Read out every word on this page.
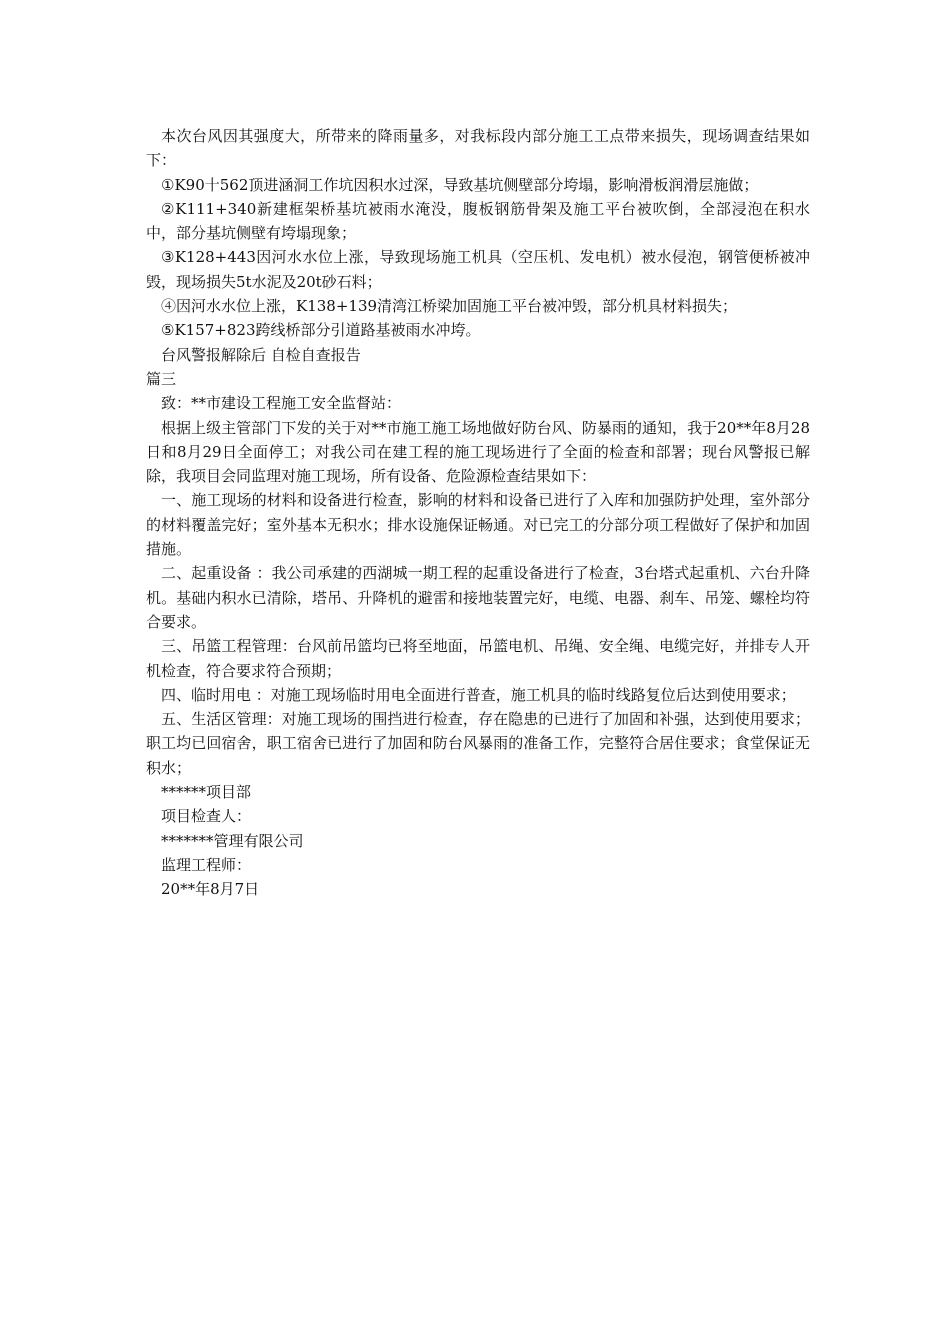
本次台风因其强度大，所带来的降雨量多，对我标段内部分施工工点带来损失，现场调查结果如下：

①K90十562顶进涵洞工作坑因积水过深，导致基坑侧壁部分垮塌，影响滑板润滑层施做；

②K111+340新建框架桥基坑被雨水淹没，腹板钢筋骨架及施工平台被吹倒，全部浸泡在积水中，部分基坑侧壁有垮塌现象；

③K128+443因河水水位上涨，导致现场施工机具（空压机、发电机）被水侵泡，钢管便桥被冲毁，现场损失5t水泥及20t砂石料；

④因河水水位上涨，K138+139清湾江桥梁加固施工平台被冲毁，部分机具材料损失；

⑤K157+823跨线桥部分引道路基被雨水冲垮。

台风警报解除后 自检自查报告

篇三

致：**市建设工程施工安全监督站：

根据上级主管部门下发的关于对**市施工施工场地做好防台风、防暴雨的通知，我于20**年8月28日和8月29日全面停工；对我公司在建工程的施工现场进行了全面的检查和部署；现台风警报已解除，我项目会同监理对施工现场，所有设备、危险源检查结果如下：

一、施工现场的材料和设备进行检查，影响的材料和设备已进行了入库和加强防护处理，室外部分的材料覆盖完好；室外基本无积水；排水设施保证畅通。对已完工的分部分项工程做好了保护和加固措施。

二、起重设备 ：我公司承建的西湖城一期工程的起重设备进行了检查，3台塔式起重机、六台升降机。基础内积水已清除，塔吊、升降机的避雷和接地装置完好，电缆、电器、刹车、吊笼、螺栓均符合要求。

三、吊篮工程管理：台风前吊篮均已将至地面，吊篮电机、吊绳、安全绳、电缆完好，并排专人开机检查，符合要求符合预期；

四、临时用电 ：对施工现场临时用电全面进行普查，施工机具的临时线路复位后达到使用要求；

五、生活区管理：对施工现场的围挡进行检查，存在隐患的已进行了加固和补强，达到使用要求；职工均已回宿舍，职工宿舍已进行了加固和防台风暴雨的准备工作，完整符合居住要求；食堂保证无积水；

******项目部

项目检查人：

*******管理有限公司

监理工程师：

20**年8月7日
